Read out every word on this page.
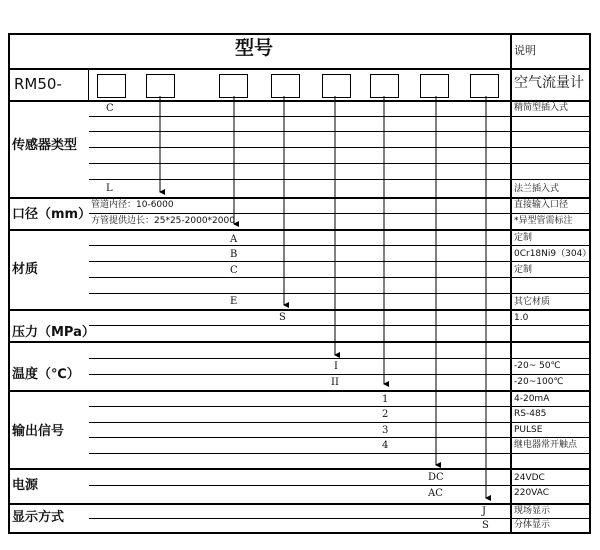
型号	说明
RM50-	空气流量计
传感器类型
口径（mm）
材质
压力（MPa）
温度（℃）
输出信号
电源
显示方式
C
L
管道内径：10-6000
方管提供边长：25*25-2000*2000
A
B
C
E
S
I
II
1
2
3
4
DC
AC
J
S
精简型插入式
法兰插入式
直接输入口径
*异型管需标注
定制
0Cr18Ni9（304）
定制
其它材质
1.0
-20~ 50℃
-20~100℃
4-20mA
RS-485
PULSE
继电器常开触点
24VDC
220VAC
现场显示
分体显示
